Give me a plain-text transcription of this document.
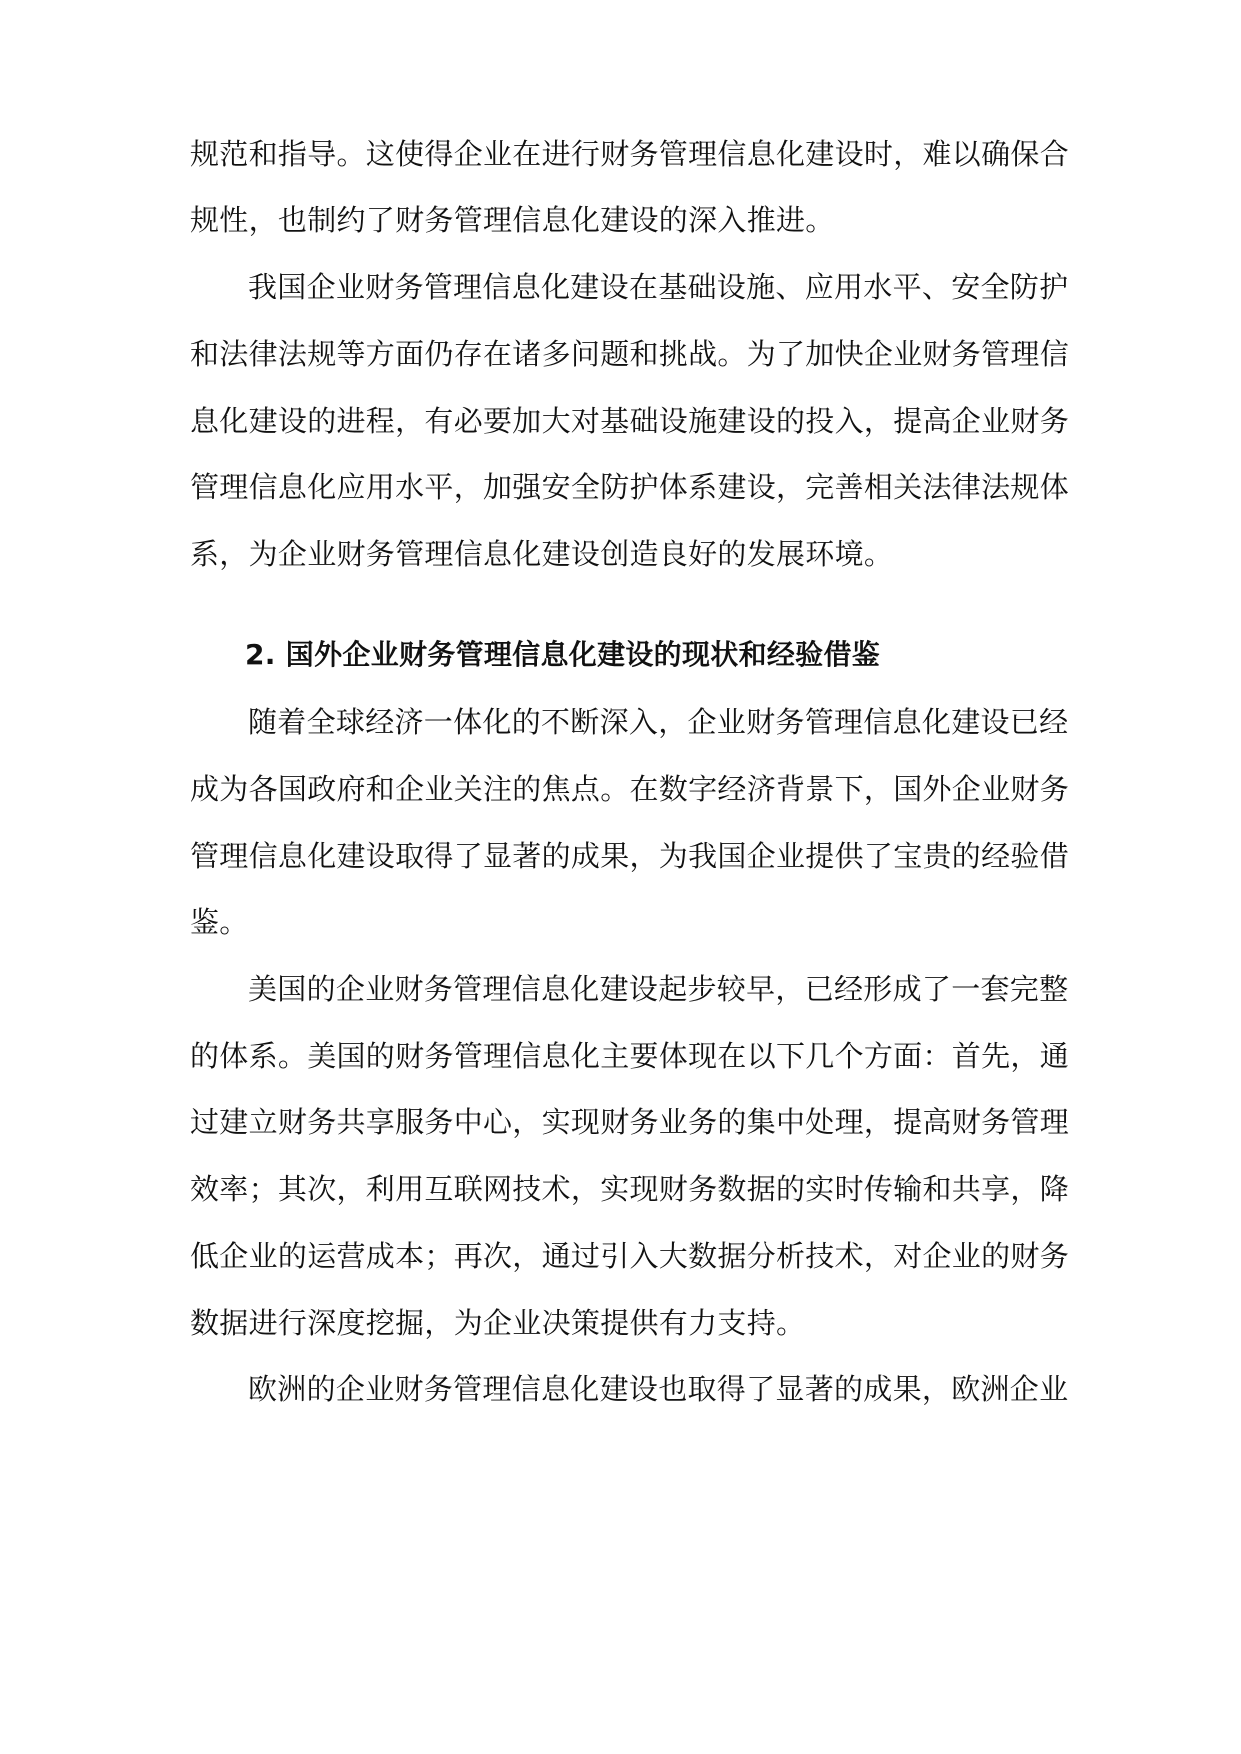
规范和指导。这使得企业在进行财务管理信息化建设时，难以确保合
规性，也制约了财务管理信息化建设的深入推进。
我国企业财务管理信息化建设在基础设施、应用水平、安全防护
和法律法规等方面仍存在诸多问题和挑战。为了加快企业财务管理信
息化建设的进程，有必要加大对基础设施建设的投入，提高企业财务
管理信息化应用水平，加强安全防护体系建设，完善相关法律法规体
系，为企业财务管理信息化建设创造良好的发展环境。
2. 国外企业财务管理信息化建设的现状和经验借鉴
随着全球经济一体化的不断深入，企业财务管理信息化建设已经
成为各国政府和企业关注的焦点。在数字经济背景下，国外企业财务
管理信息化建设取得了显著的成果，为我国企业提供了宝贵的经验借
鉴。
美国的企业财务管理信息化建设起步较早，已经形成了一套完整
的体系。美国的财务管理信息化主要体现在以下几个方面：首先，通
过建立财务共享服务中心，实现财务业务的集中处理，提高财务管理
效率；其次，利用互联网技术，实现财务数据的实时传输和共享，降
低企业的运营成本；再次，通过引入大数据分析技术，对企业的财务
数据进行深度挖掘，为企业决策提供有力支持。
欧洲的企业财务管理信息化建设也取得了显著的成果，欧洲企业
